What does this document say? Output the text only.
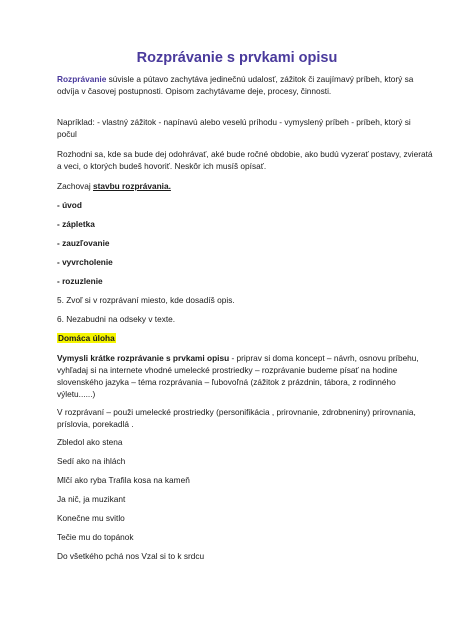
Rozprávanie s prvkami opisu
Rozprávanie súvisle a pútavo zachytáva jedinečnú udalosť, zážitok či zaujímavý príbeh, ktorý sa
odvíja v časovej postupnosti. Opisom zachytávame deje, procesy, činnosti.
Napríklad: - vlastný zážitok - napínavú alebo veselú príhodu - vymyslený príbeh - príbeh, ktorý si
počul
Rozhodni sa, kde sa bude dej odohrávať, aké bude ročné obdobie, ako budú vyzerať postavy, zvieratá
a veci, o ktorých budeš hovoriť. Neskôr ich musíš opísať.
Zachovaj stavbu rozprávania.
- úvod
- zápletka
- zauzľovanie
- vyvrcholenie
- rozuzlenie
5. Zvoľ si v rozprávaní miesto, kde dosadíš opis.
6. Nezabudni na odseky v texte.
Domáca úloha
Vymysli krátke rozprávanie s prvkami opisu - priprav si doma koncept – návrh, osnovu príbehu,
vyhľadaj si na internete vhodné umelecké prostriedky – rozprávanie budeme písať na hodine
slovenského jazyka – téma rozprávania – ľubovoľná (zážitok z prázdnin, tábora, z rodinného
výletu......)
V rozprávaní – použi umelecké prostriedky (personifikácia , prirovnanie, zdrobneniny) prirovnania,
príslovia, porekadlá .
Zbledol ako stena
Sedí ako na ihlách
Mlčí ako ryba Trafila kosa na kameň
Ja nič, ja muzikant
Konečne mu svitlo
Tečie mu do topánok
Do všetkého pchá nos Vzal si to k srdcu
